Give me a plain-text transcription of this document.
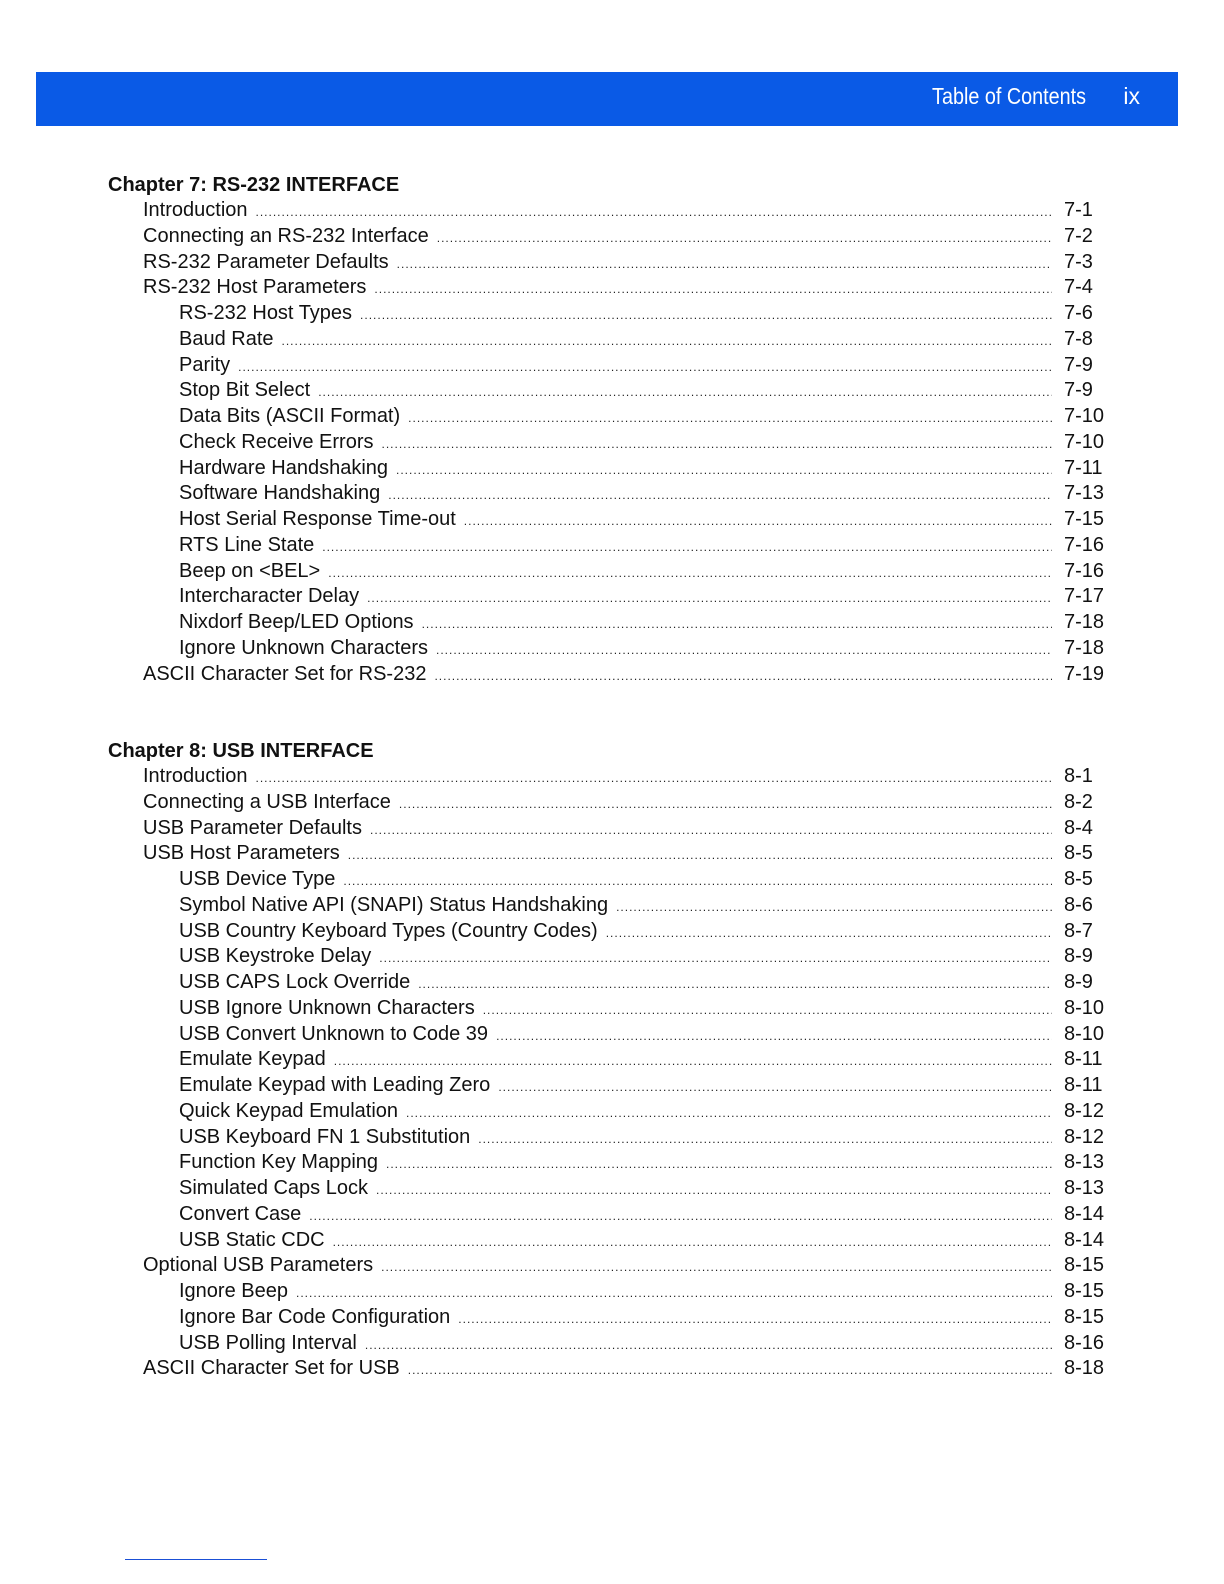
Table of Contents ix
Chapter 7: RS-232 INTERFACE
Introduction .....	7-1
Connecting an RS-232 Interface .....	7-2
RS-232 Parameter Defaults .....	7-3
RS-232 Host Parameters .....	7-4
RS-232 Host Types .....	7-6
Baud Rate .....	7-8
Parity .....	7-9
Stop Bit Select .....	7-9
Data Bits (ASCII Format) .....	7-10
Check Receive Errors .....	7-10
Hardware Handshaking .....	7-11
Software Handshaking .....	7-13
Host Serial Response Time-out .....	7-15
RTS Line State .....	7-16
Beep on <BEL> .....	7-16
Intercharacter Delay .....	7-17
Nixdorf Beep/LED Options .....	7-18
Ignore Unknown Characters .....	7-18
ASCII Character Set for RS-232 .....	7-19
Chapter 8: USB INTERFACE
Introduction .....	8-1
Connecting a USB Interface .....	8-2
USB Parameter Defaults .....	8-4
USB Host Parameters .....	8-5
USB Device Type .....	8-5
Symbol Native API (SNAPI) Status Handshaking .....	8-6
USB Country Keyboard Types (Country Codes) .....	8-7
USB Keystroke Delay .....	8-9
USB CAPS Lock Override .....	8-9
USB Ignore Unknown Characters .....	8-10
USB Convert Unknown to Code 39 .....	8-10
Emulate Keypad .....	8-11
Emulate Keypad with Leading Zero .....	8-11
Quick Keypad Emulation .....	8-12
USB Keyboard FN 1 Substitution .....	8-12
Function Key Mapping .....	8-13
Simulated Caps Lock .....	8-13
Convert Case .....	8-14
USB Static CDC .....	8-14
Optional USB Parameters .....	8-15
Ignore Beep .....	8-15
Ignore Bar Code Configuration .....	8-15
USB Polling Interval .....	8-16
ASCII Character Set for USB .....	8-18
